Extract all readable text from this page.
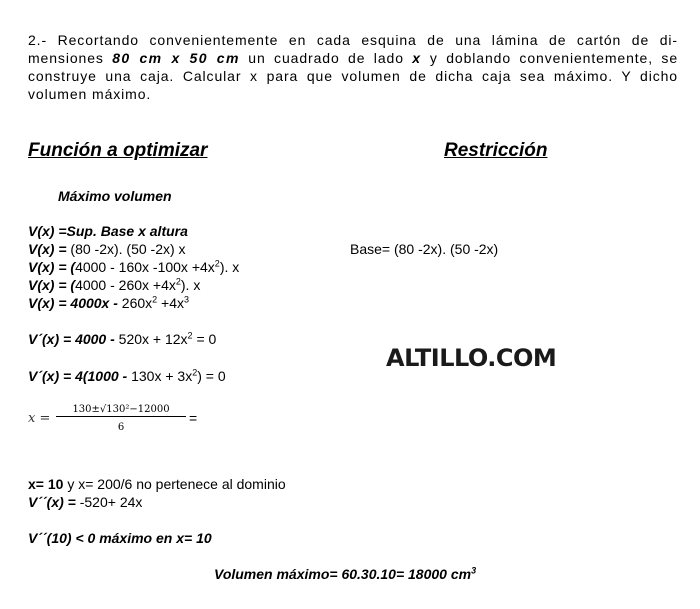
2.- Recortando convenientemente en cada esquina de una lámina de cartón de di-mensiones 80 cm x 50 cm un cuadrado de lado x y doblando convenientemente, se construye una caja. Calcular x para que volumen de dicha caja sea máximo. Y dicho volumen máximo.
Función a optimizar	Restricción
Máximo volumen
V(x) =Sup. Base x altura
V(x) = (80 -2x). (50 -2x) x
V(x) = (4000 - 160x $-100x +4x^2$). x
$V(x) = (4000 - 260x +4x^2)$. x
$V(x) = 4000x - 260x^2 +4x^3$
Base= (80 -2x). (50 -2x)
V´(x) = $4000 - 520x + 12x^2 = 0$
ALTILLO.COM
V´(x) = $4(1000 - 130x + 3x^2) = 0$
x =
130±√130²−12000
6
=
x= 10 y x= 200/6 no pertenece al dominio
V´´(x) = -520+ 24x
V´´(10) < 0 máximo en x= 10
Volumen máximo= 60.30.10= 18000 $cm^3$
